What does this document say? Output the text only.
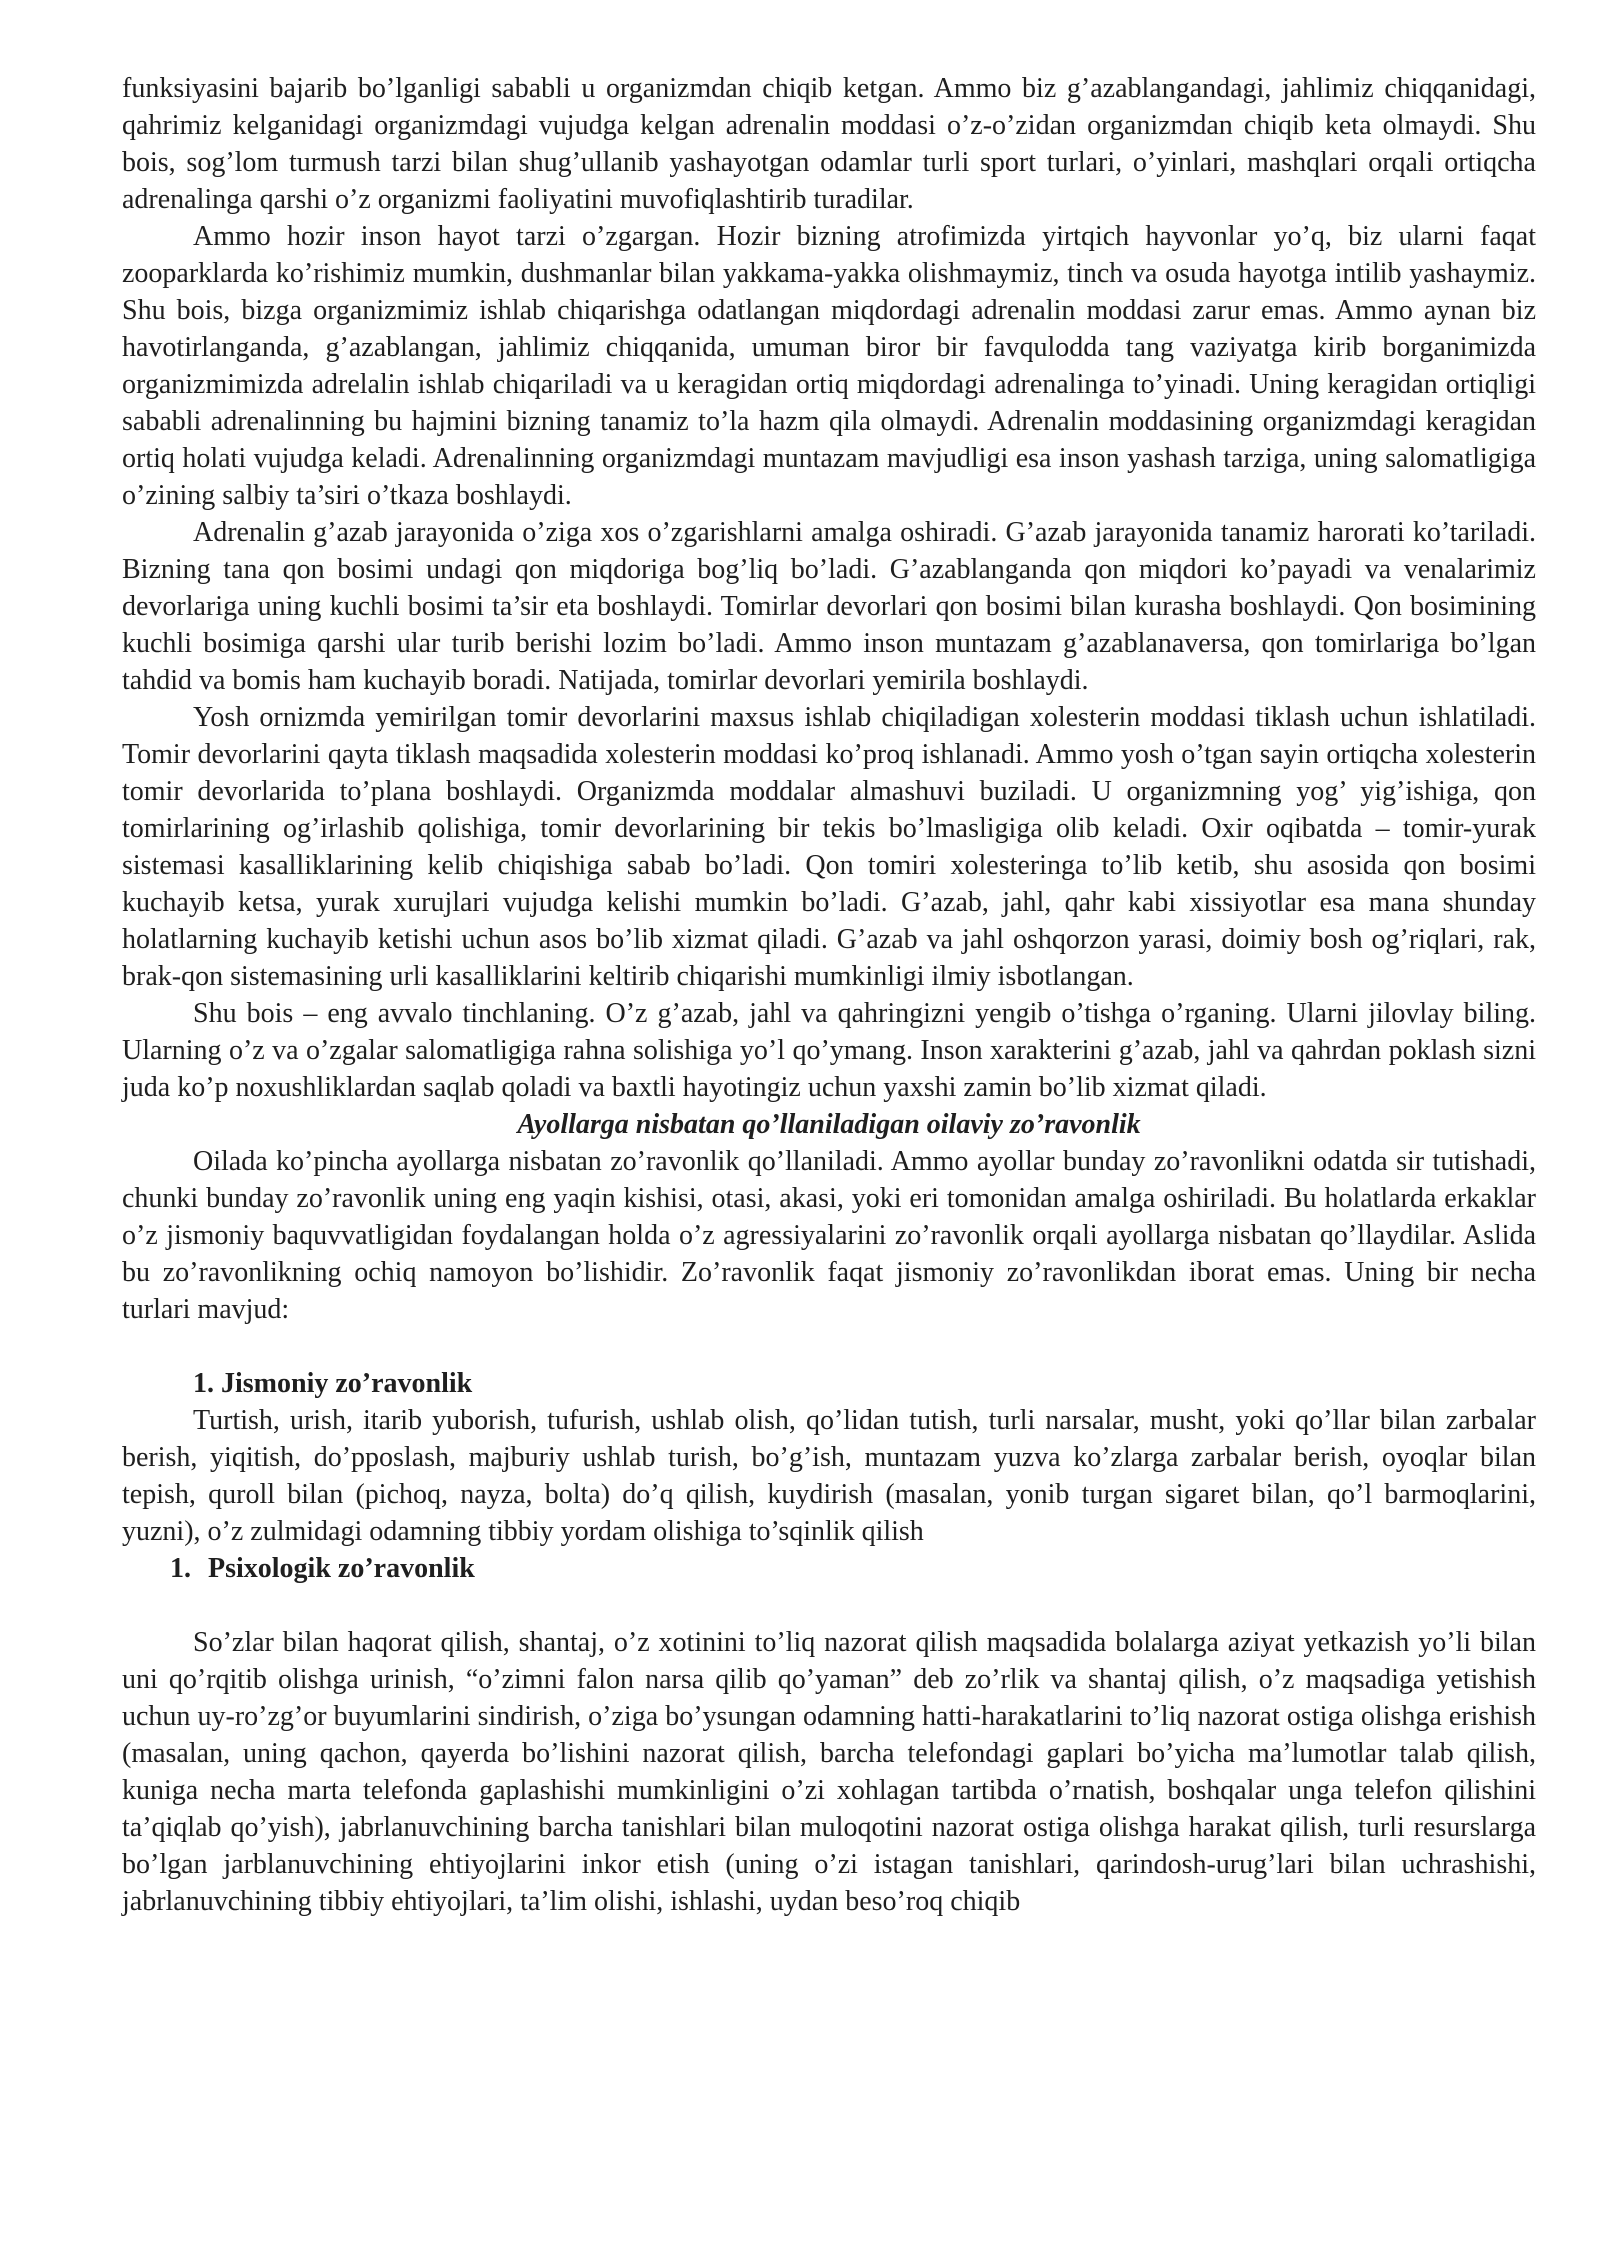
funksiyasini bajarib bo’lganligi sababli u organizmdan chiqib ketgan. Ammo biz g’azablangandagi, jahlimiz chiqqanidagi, qahrimiz kelganidagi organizmdagi vujudga kelgan adrenalin moddasi o’z-o’zidan organizmdan chiqib keta olmaydi. Shu bois, sog’lom turmush tarzi bilan shug’ullanib yashayotgan odamlar turli sport turlari, o’yinlari, mashqlari orqali ortiqcha adrenalinga qarshi o’z organizmi faoliyatini muvofiqlashtirib turadilar.

Ammo hozir inson hayot tarzi o’zgargan. Hozir bizning atrofimizda yirtqich hayvonlar yo’q, biz ularni faqat zooparklarda ko’rishimiz mumkin, dushmanlar bilan yakkama-yakka olishmaymiz, tinch va osuda hayotga intilib yashaymiz. Shu bois, bizga organizmimiz ishlab chiqarishga odatlangan miqdordagi adrenalin moddasi zarur emas. Ammo aynan biz havotirlanganda, g’azablangan, jahlimiz chiqqanida, umuman biror bir favqulodda tang vaziyatga kirib borganimizda organizmimizda adrelalin ishlab chiqariladi va u keragidan ortiq miqdordagi adrenalinga to’yinadi. Uning keragidan ortiqligi sababli adrenalinning bu hajmini bizning tanamiz to’la hazm qila olmaydi. Adrenalin moddasining organizmdagi keragidan ortiq holati vujudga keladi. Adrenalinning organizmdagi muntazam mavjudligi esa inson yashash tarziga, uning salomatligiga o’zining salbiy ta’siri o’tkaza boshlaydi.

Adrenalin g’azab jarayonida o’ziga xos o’zgarishlarni amalga oshiradi. G’azab jarayonida tanamiz harorati ko’tariladi. Bizning tana qon bosimi undagi qon miqdoriga bog’liq bo’ladi. G’azablanganda qon miqdori ko’payadi va venalarimiz devorlariga uning kuchli bosimi ta’sir eta boshlaydi. Tomirlar devorlari qon bosimi bilan kurasha boshlaydi. Qon bosimining kuchli bosimiga qarshi ular turib berishi lozim bo’ladi. Ammo inson muntazam g’azablanaversa, qon tomirlariga bo’lgan tahdid va bomis ham kuchayib boradi. Natijada, tomirlar devorlari yemirila boshlaydi.

Yosh ornizmda yemirilgan tomir devorlarini maxsus ishlab chiqiladigan xolesterin moddasi tiklash uchun ishlatiladi. Tomir devorlarini qayta tiklash maqsadida xolesterin moddasi ko’proq ishlanadi. Ammo yosh o’tgan sayin ortiqcha xolesterin tomir devorlarida to’plana boshlaydi. Organizmda moddalar almashuvi buziladi. U organizmning yog’ yig’ishiga, qon tomirlarining og’irlashib qolishiga, tomir devorlarining bir tekis bo’lmasligiga olib keladi. Oxir oqibatda – tomir-yurak sistemasi kasalliklarining kelib chiqishiga sabab bo’ladi. Qon tomiri xolesteringa to’lib ketib, shu asosida qon bosimi kuchayib ketsa, yurak xurujlari vujudga kelishi mumkin bo’ladi. G’azab, jahl, qahr kabi xissiyotlar esa mana shunday holatlarning kuchayib ketishi uchun asos bo’lib xizmat qiladi. G’azab va jahl oshqorzon yarasi, doimiy bosh og’riqlari, rak, brak-qon sistemasining urli kasalliklarini keltirib chiqarishi mumkinligi ilmiy isbotlangan.

Shu bois – eng avvalo tinchlaning. O’z g’azab, jahl va qahringizni yengib o’tishga o’rganing. Ularni jilovlay biling. Ularning o’z va o’zgalar salomatligiga rahna solishiga yo’l qo’ymang. Inson xarakterini g’azab, jahl va qahrdan poklash sizni juda ko’p noxushliklardan saqlab qoladi va baxtli hayotingiz uchun yaxshi zamin bo’lib xizmat qiladi.

Ayollarga nisbatan qo’llaniladigan oilaviy zo’ravonlik

Oilada ko’pincha ayollarga nisbatan zo’ravonlik qo’llaniladi. Ammo ayollar bunday zo’ravonlikni odatda sir tutishadi, chunki bunday zo’ravonlik uning eng yaqin kishisi, otasi, akasi, yoki eri tomonidan amalga oshiriladi. Bu holatlarda erkaklar o’z jismoniy baquvvatligidan foydalangan holda o’z agressiyalarini zo’ravonlik orqali ayollarga nisbatan qo’llaydilar. Aslida bu zo’ravonlikning ochiq namoyon bo’lishidir. Zo’ravonlik faqat jismoniy zo’ravonlikdan iborat emas. Uning bir necha turlari mavjud:

1. Jismoniy zo’ravonlik

Turtish, urish, itarib yuborish, tufurish, ushlab olish, qo’lidan tutish, turli narsalar, musht, yoki qo’llar bilan zarbalar berish, yiqitish, do’pposlash, majburiy ushlab turish, bo’g’ish, muntazam yuzva ko’zlarga zarbalar berish, oyoqlar bilan tepish, quroll bilan (pichoq, nayza, bolta) do’q qilish, kuydirish (masalan, yonib turgan sigaret bilan, qo’l barmoqlarini, yuzni), o’z zulmidagi odamning tibbiy yordam olishiga to’sqinlik qilish

1. Psixologik zo’ravonlik

So’zlar bilan haqorat qilish, shantaj, o’z xotinini to’liq nazorat qilish maqsadida bolalarga aziyat yetkazish yo’li bilan uni qo’rqitib olishga urinish, “o’zimni falon narsa qilib qo’yaman” deb zo’rlik va shantaj qilish, o’z maqsadiga yetishish uchun uy-ro’zg’or buyumlarini sindirish, o’ziga bo’ysungan odamning hatti-harakatlarini to’liq nazorat ostiga olishga erishish (masalan, uning qachon, qayerda bo’lishini nazorat qilish, barcha telefondagi gaplari bo’yicha ma’lumotlar talab qilish, kuniga necha marta telefonda gaplashishi mumkinligini o’zi xohlagan tartibda o’rnatish, boshqalar unga telefon qilishini ta’qiqlab qo’yish), jabrlanuvchining barcha tanishlari bilan muloqotini nazorat ostiga olishga harakat qilish, turli resurslarga bo’lgan jarblanuvchining ehtiyojlarini inkor etish (uning o’zi istagan tanishlari, qarindosh-urug’lari bilan uchrashishi, jabrlanuvchining tibbiy ehtiyojlari, ta’lim olishi, ishlashi, uydan beso’roq chiqib
